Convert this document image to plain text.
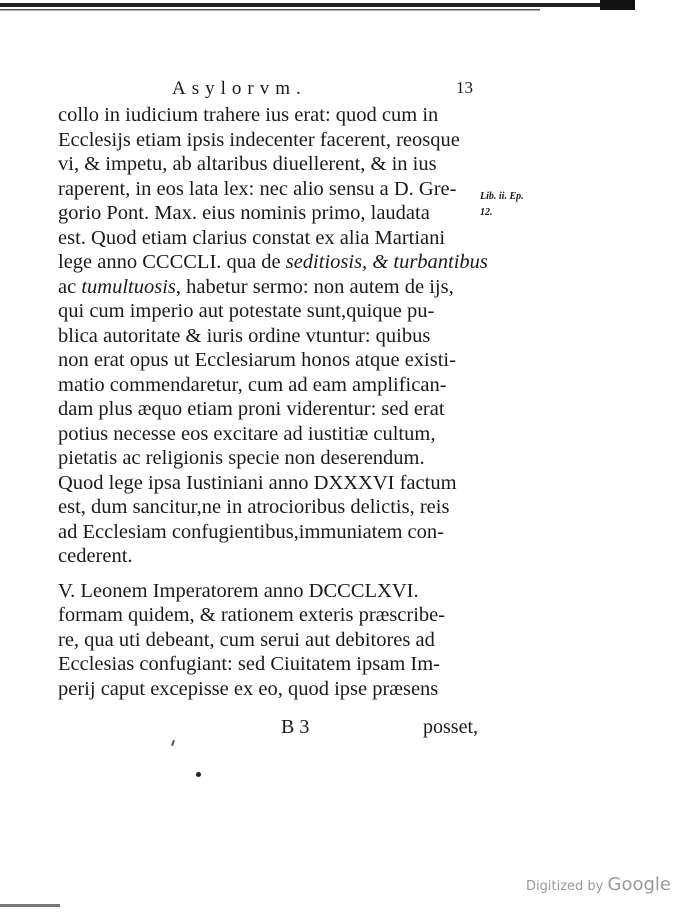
Asylorvm.	13
Lib. ii. Ep.
12.
collo in iudicium trahere ius erat: quod cum in
Ecclesijs etiam ipsis indecenter facerent, reosque
vi, & impetu, ab altaribus diuellerent, & in ius
raperent, in eos lata lex: nec alio sensu a D. Gre-
gorio Pont. Max. eius nominis primo, laudata
est. Quod etiam clarius constat ex alia Martiani
lege anno CCCCLI. qua de seditiosis, & turbantibus
ac tumultuosis, habetur sermo: non autem de ijs,
qui cum imperio aut potestate sunt,quique pu-
blica autoritate & iuris ordine vtuntur: quibus
non erat opus ut Ecclesiarum honos atque existi-
matio commendaretur, cum ad eam amplifican-
dam plus æquo etiam proni viderentur: sed erat
potius necesse eos excitare ad iustitiæ cultum,
pietatis ac religionis specie non deserendum.
Quod lege ipsa Iustiniani anno DXXXVI factum
est, dum sancitur,ne in atrocioribus delictis, reis
ad Ecclesiam confugientibus,immuniatem con-
cederent.
V. Leonem Imperatorem anno DCCCLXVI.
formam quidem, & rationem exteris præscribe-
re, qua uti debeant, cum serui aut debitores ad
Ecclesias confugiant: sed Ciuitatem ipsam Im-
perij caput excepisse ex eo, quod ipse præsens
B 3	posset,
Digitized by Google
